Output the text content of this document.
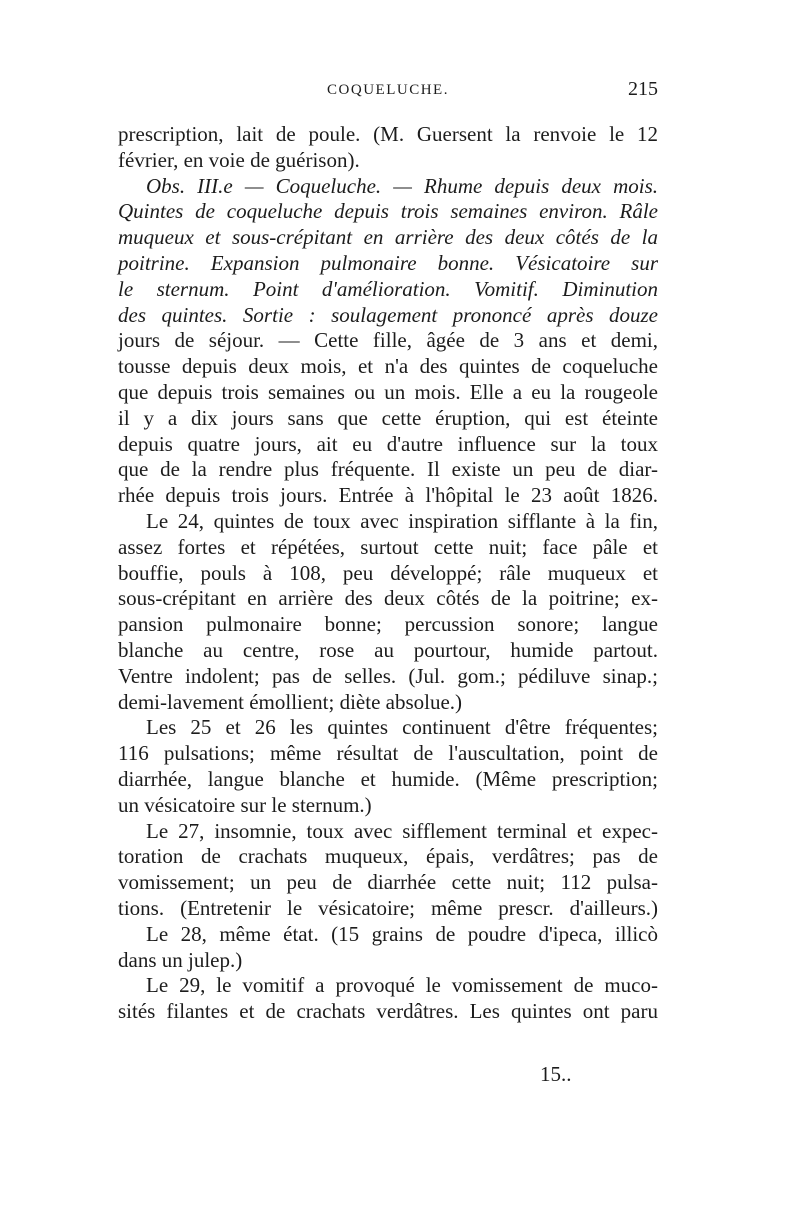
COQUELUCHE.	215
prescription, lait de poule. (M. Guersent la renvoie le 12
février, en voie de guérison).
Obs. III.e — Coqueluche. — Rhume depuis deux mois.
Quintes de coqueluche depuis trois semaines environ. Râle
muqueux et sous-crépitant en arrière des deux côtés de la
poitrine. Expansion pulmonaire bonne. Vésicatoire sur
le sternum. Point d'amélioration. Vomitif. Diminution
des quintes. Sortie : soulagement prononcé après douze
jours de séjour. — Cette fille, âgée de 3 ans et demi,
tousse depuis deux mois, et n'a des quintes de coqueluche
que depuis trois semaines ou un mois. Elle a eu la rougeole
il y a dix jours sans que cette éruption, qui est éteinte
depuis quatre jours, ait eu d'autre influence sur la toux
que de la rendre plus fréquente. Il existe un peu de diar-
rhée depuis trois jours. Entrée à l'hôpital le 23 août 1826.
Le 24, quintes de toux avec inspiration sifflante à la fin,
assez fortes et répétées, surtout cette nuit; face pâle et
bouffie, pouls à 108, peu développé; râle muqueux et
sous-crépitant en arrière des deux côtés de la poitrine; ex-
pansion pulmonaire bonne; percussion sonore; langue
blanche au centre, rose au pourtour, humide partout.
Ventre indolent; pas de selles. (Jul. gom.; pédiluve sinap.;
demi-lavement émollient; diète absolue.)
Les 25 et 26 les quintes continuent d'être fréquentes;
116 pulsations; même résultat de l'auscultation, point de
diarrhée, langue blanche et humide. (Même prescription;
un vésicatoire sur le sternum.)
Le 27, insomnie, toux avec sifflement terminal et expec-
toration de crachats muqueux, épais, verdâtres; pas de
vomissement; un peu de diarrhée cette nuit; 112 pulsa-
tions. (Entretenir le vésicatoire; même prescr. d'ailleurs.)
Le 28, même état. (15 grains de poudre d'ipeca, illicò
dans un julep.)
Le 29, le vomitif a provoqué le vomissement de muco-
sités filantes et de crachats verdâtres. Les quintes ont paru
15..
